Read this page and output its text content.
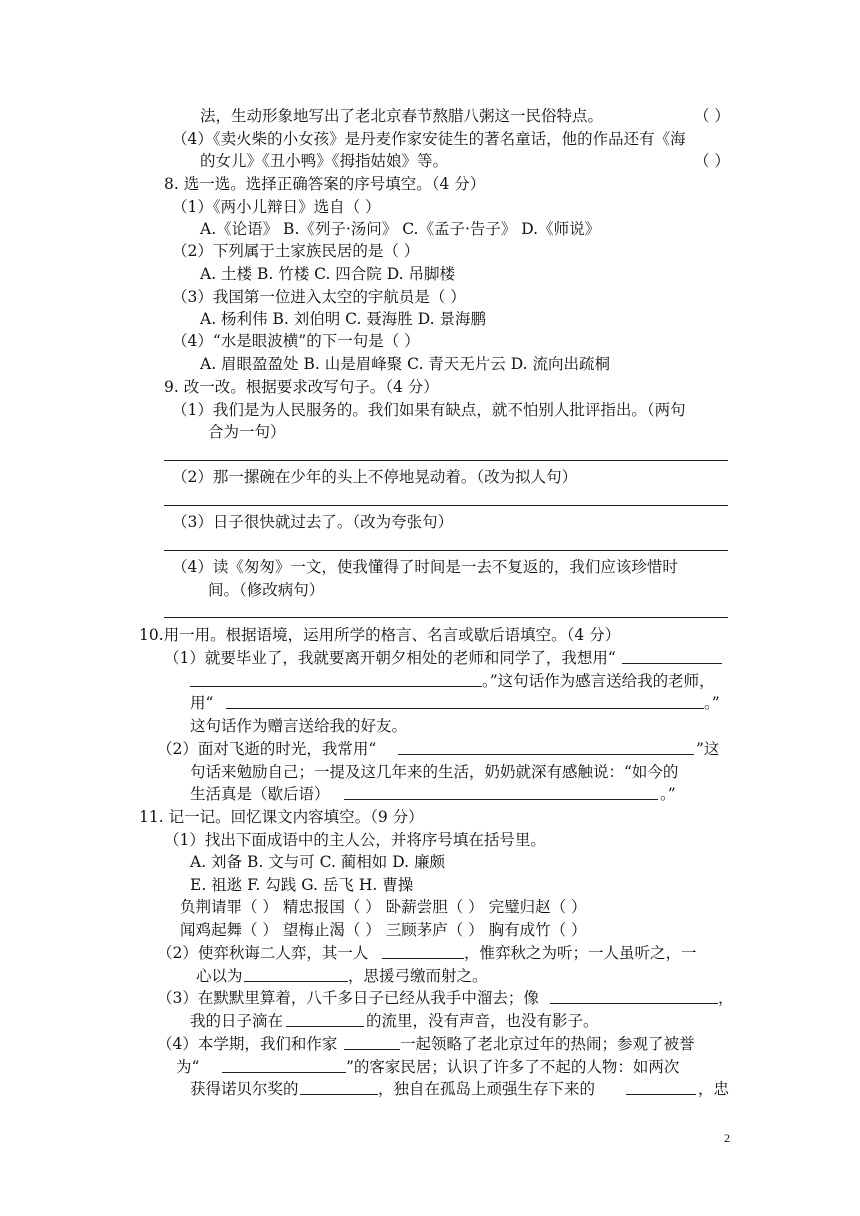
法，生动形象地写出了老北京春节熬腊八粥这一民俗特点。	（ ）
（4）《卖火柴的小女孩》是丹麦作家安徒生的著名童话，他的作品还有《海
的女儿》《丑小鸭》《拇指姑娘》等。	（ ）
8. 选一选。选择正确答案的序号填空。（4 分）
（1）《两小儿辩日》选自（ ）
A.《论语》 B.《列子·汤问》 C.《孟子·告子》 D.《师说》
（2）下列属于土家族民居的是（ ）
A. 土楼 B. 竹楼 C. 四合院 D. 吊脚楼
（3）我国第一位进入太空的宇航员是（ ）
A. 杨利伟 B. 刘伯明 C. 聂海胜 D. 景海鹏
（4）“水是眼波横”的下一句是（ ）
A. 眉眼盈盈处 B. 山是眉峰聚 C. 青天无片云 D. 流向出疏桐
9. 改一改。根据要求改写句子。（4 分）
（1）我们是为人民服务的。我们如果有缺点，就不怕别人批评指出。（两句
合为一句）
（2）那一摞碗在少年的头上不停地晃动着。（改为拟人句）
（3）日子很快就过去了。（改为夸张句）
（4）读《匆匆》一文，使我懂得了时间是一去不复返的，我们应该珍惜时
间。（修改病句）
10.用一用。根据语境，运用所学的格言、名言或歇后语填空。（4 分）
（1）就要毕业了，我就要离开朝夕相处的老师和同学了，我想用“
。”这句话作为感言送给我的老师，
用“	。”
这句话作为赠言送给我的好友。
（2）面对飞逝的时光，我常用“	”这
句话来勉励自己；一提及这几年来的生活，奶奶就深有感触说：“如今的
生活真是（歇后语）	。”
11. 记一记。回忆课文内容填空。（9 分）
（1）找出下面成语中的主人公，并将序号填在括号里。
A. 刘备 B. 文与可 C. 蔺相如 D. 廉颇
E. 祖逖 F. 勾践 G. 岳飞 H. 曹操
负荆请罪（ ） 精忠报国（ ） 卧薪尝胆（ ） 完璧归赵（ ）
闻鸡起舞（ ） 望梅止渴（ ） 三顾茅庐（ ） 胸有成竹（ ）
（2）使弈秋诲二人弈，其一人	，惟弈秋之为听；一人虽听之，一
心以为	，思援弓缴而射之。
（3）在默默里算着，八千多日子已经从我手中溜去；像	，
我的日子滴在	的流里，没有声音，也没有影子。
（4）本学期，我们和作家	一起领略了老北京过年的热闹；参观了被誉
为“	”的客家民居；认识了许多了不起的人物：如两次
获得诺贝尔奖的	，独自在孤岛上顽强生存下来的	，忠
2
